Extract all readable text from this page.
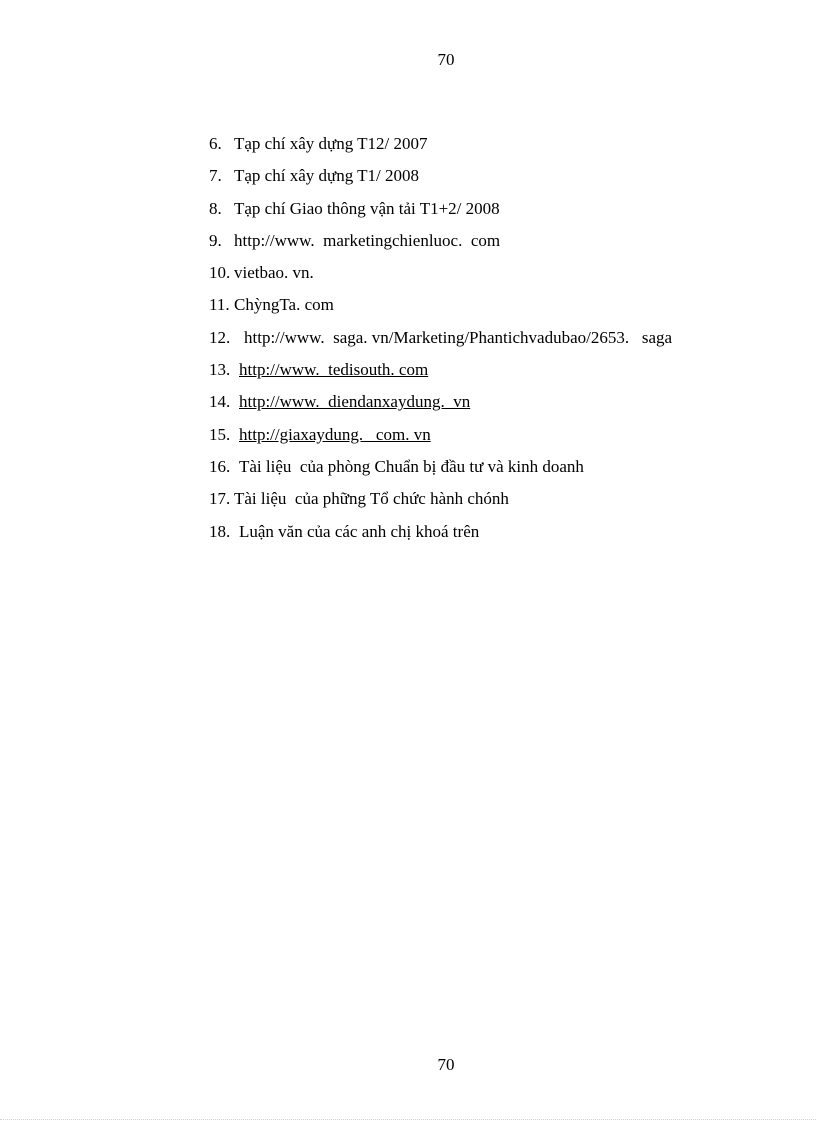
70
6. Tạp chí xây dựng T12/ 2007
7. Tạp chí xây dựng T1/ 2008
8. Tạp chí Giao thông vận tải T1+2/ 2008
9. http://www.  marketingchienluoc.  com
10. vietbao. vn.
11. ChỳngTa. com
12. http://www.  saga. vn/Marketing/Phantichvadubao/2653.   saga
13. http://www.  tedisouth. com
14. http://www.  diendanxaydung.  vn
15. http://giaxaydung.   com. vn
16. Tài liệu  của phòng Chuẩn bị đầu tư và kinh doanh
17. Tài liệu  của phững Tổ chức hành chónh
18. Luận văn của các anh chị khoá trên
70
